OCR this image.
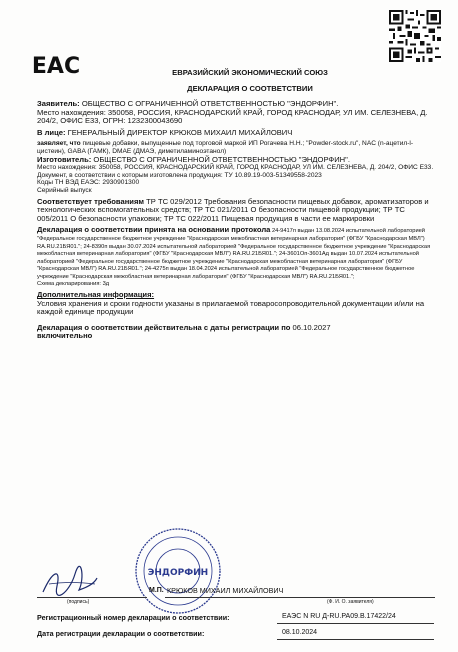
ЕАС	ЕВРАЗИЙСКИЙ ЭКОНОМИЧЕСКИЙ СОЮЗ
ДЕКЛАРАЦИЯ О СООТВЕТСТВИИ
Заявитель: ОБЩЕСТВО С ОГРАНИЧЕННОЙ ОТВЕТСТВЕННОСТЬЮ "ЭНДОРФИН".
Место нахождения: 350058, РОССИЯ, КРАСНОДАРСКИЙ КРАЙ, ГОРОД КРАСНОДАР, УЛ ИМ. СЕЛЕЗНЕВА, Д. 204/2, ОФИС Е33, ОГРН: 1232300043690
В лице: ГЕНЕРАЛЬНЫЙ ДИРЕКТОР КРЮКОВ МИХАИЛ МИХАЙЛОВИЧ
заявляет, что пищевые добавки, выпущенные под торговой маркой ИП Рогачева Н.Н.; "Powder-stock.ru", NAC (n-ацетил-l-цистеин), GABA (ГАМК), DMAE (ДМАЭ, диметиламиноэтанол)
Изготовитель: ОБЩЕСТВО С ОГРАНИЧЕННОЙ ОТВЕТСТВЕННОСТЬЮ "ЭНДОРФИН".
Место нахождения: 350058, РОССИЯ, КРАСНОДАРСКИЙ КРАЙ, ГОРОД КРАСНОДАР, УЛ ИМ. СЕЛЕЗНЕВА, Д. 204/2, ОФИС Е33.
Документ, в соответствии с которым изготовлена продукция: ТУ 10.89.19-003-51349558-2023
Коды ТН ВЭД ЕАЭС: 2930901300
Серийный выпуск
Соответствует требованиям ТР ТС 029/2012 Требования безопасности пищевых добавок, ароматизаторов и технологических вспомогательных средств; ТР ТС 021/2011 О безопасности пищевой продукции; ТР ТС 005/2011 О безопасности упаковки; ТР ТС 022/2011 Пищевая продукция в части ее маркировки
Декларация о соответствии принята на основании протокола 24-9417п выдан 13.08.2024 испытательной лабораторией "Федеральное государственное бюджетное учреждение "Краснодарская межобластная ветеринарная лаборатория" (ФГБУ "Краснодарская МВЛ") RA.RU.21БЯ01."; 24-8390п выдан 30.07.2024 испытательной лабораторией "Федеральное государственное бюджетное учреждение "Краснодарская межобластная ветеринарная лаборатория" (ФГБУ "Краснодарская МВЛ") RA.RU.21БЯ01."; 24-3601Оп-3601Ад выдан 10.07.2024 испытательной лабораторией "Федеральное государственное бюджетное учреждение "Краснодарская межобластная ветеринарная лаборатория" (ФГБУ "Краснодарская МВЛ") RA.RU.21БЯ01."; 24-4275п выдан 18.04.2024 испытательной лабораторией "Федеральное государственное бюджетное учреждение "Краснодарская межобластная ветеринарная лаборатория" (ФГБУ "Краснодарская МВЛ") RA.RU.21БЯ01.";
Схема декларирования: 3д
Дополнительная информация:
Условия хранения и сроки годности указаны в прилагаемой товаросопроводительной документации и/или на каждой единице продукции
Декларация о соответствии действительна с даты регистрации по 06.10.2027
включительно
ЭНДОРФИН
М.П. КРЮКОВ МИХАИЛ МИХАЙЛОВИЧ
(подпись)	(Ф. И. О. заявителя)
Регистрационный номер декларации о соответствии:	ЕАЭС N RU Д-RU.PA09.B.17422/24
Дата регистрации декларации о соответствии:	08.10.2024
